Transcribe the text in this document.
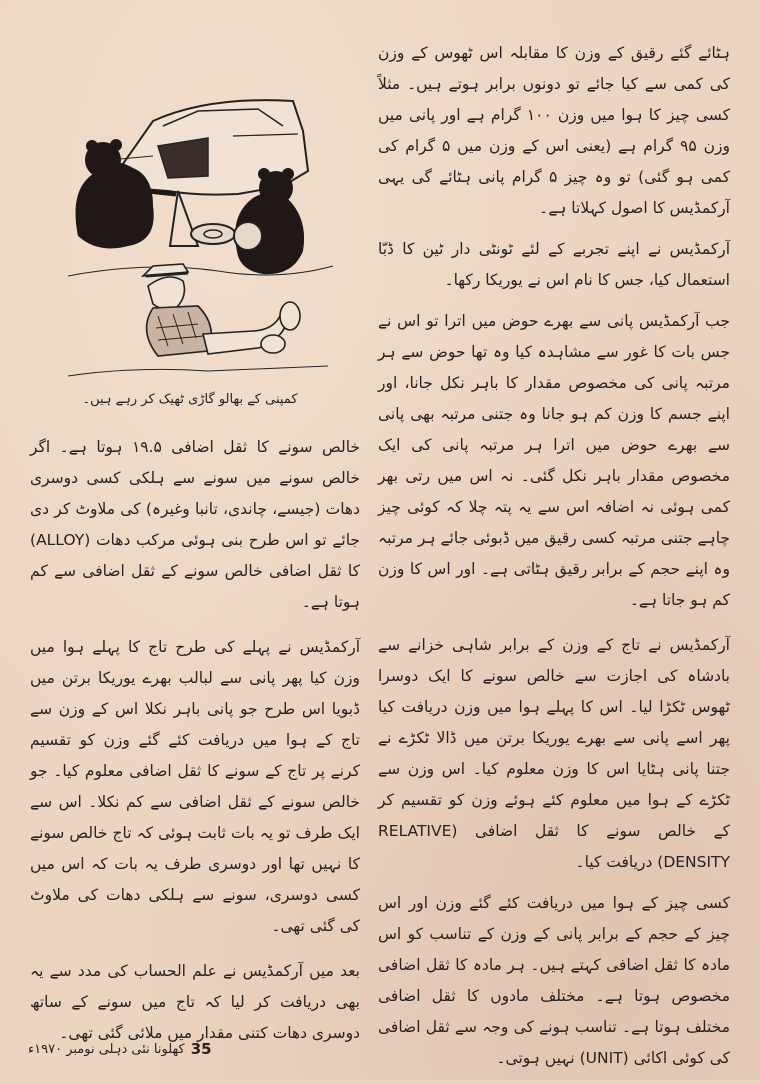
کمپنی کے بھالو گاڑی ٹھیک کر رہے ہیں۔

ہٹائے گئے رقیق کے وزن کا مقابلہ اس ٹھوس کے وزن کی کمی سے کیا جائے تو دونوں برابر ہوتے ہیں۔ مثلاً کسی چیز کا ہوا میں وزن ۱۰۰ گرام ہے اور پانی میں وزن ۹۵ گرام ہے (یعنی اس کے وزن میں ۵ گرام کی کمی ہو گئی) تو وہ چیز ۵ گرام پانی ہٹائے گی یہی آرکمڈیس کا اصول کہلاتا ہے۔

آرکمڈیس نے اپنے تجربے کے لئے ٹونٹی دار ٹین کا ڈبّا استعمال کیا، جس کا نام اس نے یوریکا رکھا۔

جب آرکمڈیس پانی سے بھرے حوض میں اترا تو اس نے جس بات کا غور سے مشاہدہ کیا وہ تھا حوض سے ہر مرتبہ پانی کی مخصوص مقدار کا باہر نکل جانا، اور اپنے جسم کا وزن کم ہو جانا وہ جتنی مرتبہ بھی پانی سے بھرے حوض میں اترا ہر مرتبہ پانی کی ایک مخصوص مقدار باہر نکل گئی۔ نہ اس میں رتی بھر کمی ہوئی نہ اضافہ اس سے یہ پتہ چلا کہ کوئی چیز چاہے جتنی مرتبہ کسی رقیق میں ڈبوئی جائے ہر مرتبہ وہ اپنے حجم کے برابر رقیق ہٹاتی ہے۔ اور اس کا وزن کم ہو جاتا ہے۔

آرکمڈیس نے تاج کے وزن کے برابر شاہی خزانے سے بادشاہ کی اجازت سے خالص سونے کا ایک دوسرا ٹھوس ٹکڑا لیا۔ اس کا پہلے ہوا میں وزن دریافت کیا پھر اسے پانی سے بھرے یوریکا برتن میں ڈالا ٹکڑے نے جتنا پانی ہٹایا اس کا وزن معلوم کیا۔ اس وزن سے ٹکڑے کے ہوا میں معلوم کئے ہوئے وزن کو تقسیم کر کے خالص سونے کا ثقل اضافی (RELATIVE DENSITY) دریافت کیا۔

کسی چیز کے ہوا میں دریافت کئے گئے وزن اور اس چیز کے حجم کے برابر پانی کے وزن کے تناسب کو اس مادہ کا ثقل اضافی کہتے ہیں۔ ہر مادہ کا ثقل اضافی مخصوص ہوتا ہے۔ مختلف مادوں کا ثقل اضافی مختلف ہوتا ہے۔ تناسب ہونے کی وجہ سے ثقل اضافی کی کوئی اکائی (UNIT) نہیں ہوتی۔

خالص سونے کا ثقل اضافی ۱۹.۵ ہوتا ہے۔ اگر خالص سونے میں سونے سے ہلکی کسی دوسری دھات (جیسے، چاندی، تانبا وغیرہ) کی ملاوٹ کر دی جائے تو اس طرح بنی ہوئی مرکب دھات (ALLOY) کا ثقل اضافی خالص سونے کے ثقل اضافی سے کم ہوتا ہے۔

آرکمڈیس نے پہلے کی طرح تاج کا پہلے ہوا میں وزن کیا پھر پانی سے لبالب بھرے یوریکا برتن میں ڈبویا اس طرح جو پانی باہر نکلا اس کے وزن سے تاج کے ہوا میں دریافت کئے گئے وزن کو تقسیم کرنے پر تاج کے سونے کا ثقل اضافی معلوم کیا۔ جو خالص سونے کے ثقل اضافی سے کم نکلا۔ اس سے ایک طرف تو یہ بات ثابت ہوئی کہ تاج خالص سونے کا نہیں تھا اور دوسری طرف یہ بات کہ اس میں کسی دوسری، سونے سے ہلکی دھات کی ملاوٹ کی گئی تھی۔

بعد میں آرکمڈیس نے علم الحساب کی مدد سے یہ بھی دریافت کر لیا کہ تاج میں سونے کے ساتھ دوسری دھات کتنی مقدار میں ملائی گئی تھی۔

35
کھلونا نئی دہلی نومبر ۱۹۷۰ء
